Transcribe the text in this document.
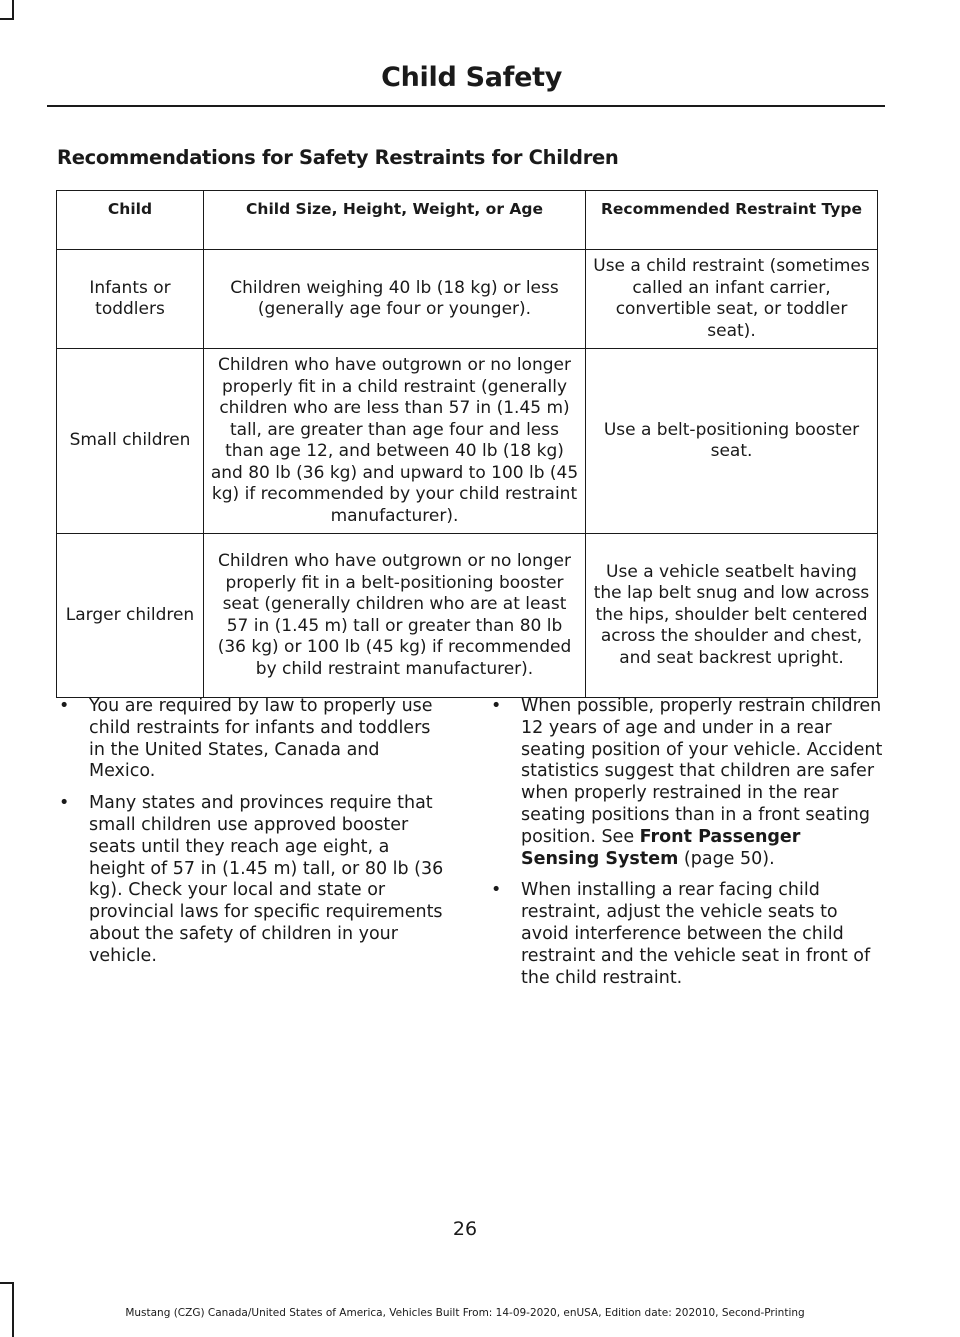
Child Safety
Recommendations for Safety Restraints for Children
Child	Child Size, Height, Weight, or Age	Recommended Restraint Type
Infants or toddlers	Children weighing 40 lb (18 kg) or less (generally age four or younger).	Use a child restraint (sometimes called an infant carrier, convertible seat, or toddler seat).
Small children	Children who have outgrown or no longer properly fit in a child restraint (generally children who are less than 57 in (1.45 m) tall, are greater than age four and less than age 12, and between 40 lb (18 kg) and 80 lb (36 kg) and upward to 100 lb (45 kg) if recommended by your child restraint manufacturer).	Use a belt-positioning booster seat.
Larger children	Children who have outgrown or no longer properly fit in a belt-positioning booster seat (generally children who are at least 57 in (1.45 m) tall or greater than 80 lb (36 kg) or 100 lb (45 kg) if recommended by child restraint manufacturer).	Use a vehicle seatbelt having the lap belt snug and low across the hips, shoulder belt centered across the shoulder and chest, and seat backrest upright.
• You are required by law to properly use child restraints for infants and toddlers in the United States, Canada and Mexico.
• Many states and provinces require that small children use approved booster seats until they reach age eight, a height of 57 in (1.45 m) tall, or 80 lb (36 kg). Check your local and state or provincial laws for specific requirements about the safety of children in your vehicle.
• When possible, properly restrain children 12 years of age and under in a rear seating position of your vehicle. Accident statistics suggest that children are safer when properly restrained in the rear seating positions than in a front seating position. See Front Passenger Sensing System (page 50).
• When installing a rear facing child restraint, adjust the vehicle seats to avoid interference between the child restraint and the vehicle seat in front of the child restraint.
26
Mustang (CZG) Canada/United States of America, Vehicles Built From: 14-09-2020, enUSA, Edition date: 202010, Second-Printing
